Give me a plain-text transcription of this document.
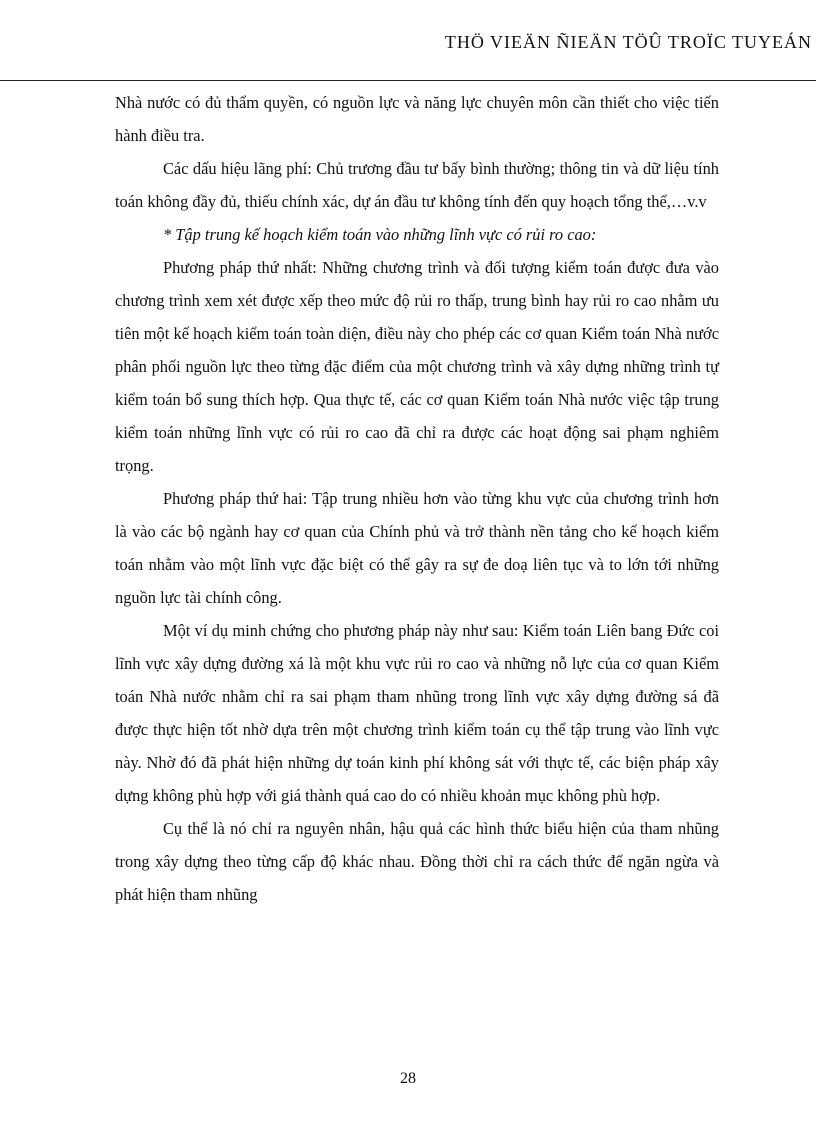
THÖ VIEÄN ÑIEÄN TÖÛ TROÏC TUYEÁN

Nhà nước có đủ thẩm quyền, có nguồn lực và năng lực chuyên môn cần thiết cho việc tiến hành điều tra.

Các dấu hiệu lãng phí: Chủ trương đầu tư bấy bình thường; thông tin và dữ liệu tính toán không đầy đủ, thiếu chính xác, dự án đầu tư không tính đến quy hoạch tổng thể,…v.v

* Tập trung kế hoạch kiểm toán vào những lĩnh vực có rủi ro cao:

Phương pháp thứ nhất: Những chương trình và đối tượng kiểm toán được đưa vào chương trình xem xét được xếp theo mức độ rủi ro thấp, trung bình hay rủi ro cao nhằm ưu tiên một kế hoạch kiểm toán toàn diện, điều này cho phép các cơ quan Kiểm toán Nhà nước phân phối nguồn lực theo từng đặc điểm của một chương trình và xây dựng những trình tự kiểm toán bổ sung thích hợp. Qua thực tế, các cơ quan Kiểm toán Nhà nước việc tập trung kiểm toán những lĩnh vực có rủi ro cao đã chỉ ra được các hoạt động sai phạm nghiêm trọng.

Phương pháp thứ hai: Tập trung nhiều hơn vào từng khu vực của chương trình hơn là vào các bộ ngành hay cơ quan của Chính phủ và trở thành nền tảng cho kế hoạch kiểm toán nhằm vào một lĩnh vực đặc biệt có thể gây ra sự đe doạ liên tục và to lớn tới những nguồn lực tài chính công.

Một ví dụ minh chứng cho phương pháp này như sau: Kiểm toán Liên bang Đức coi lĩnh vực xây dựng đường xá là một khu vực rủi ro cao và những nỗ lực của cơ quan Kiểm toán Nhà nước nhằm chỉ ra sai phạm tham nhũng trong lĩnh vực xây dựng đường sá đã được thực hiện tốt nhờ dựa trên một chương trình kiểm toán cụ thể tập trung vào lĩnh vực này. Nhờ đó đã phát hiện những dự toán kinh phí không sát với thực tế, các biện pháp xây dựng không phù hợp với giá thành quá cao do có nhiều khoản mục không phù hợp.

Cụ thể là nó chỉ ra nguyên nhân, hậu quả các hình thức biểu hiện của tham nhũng trong xây dựng theo từng cấp độ khác nhau. Đồng thời chỉ ra cách thức để ngăn ngừa và phát hiện tham nhũng

28
